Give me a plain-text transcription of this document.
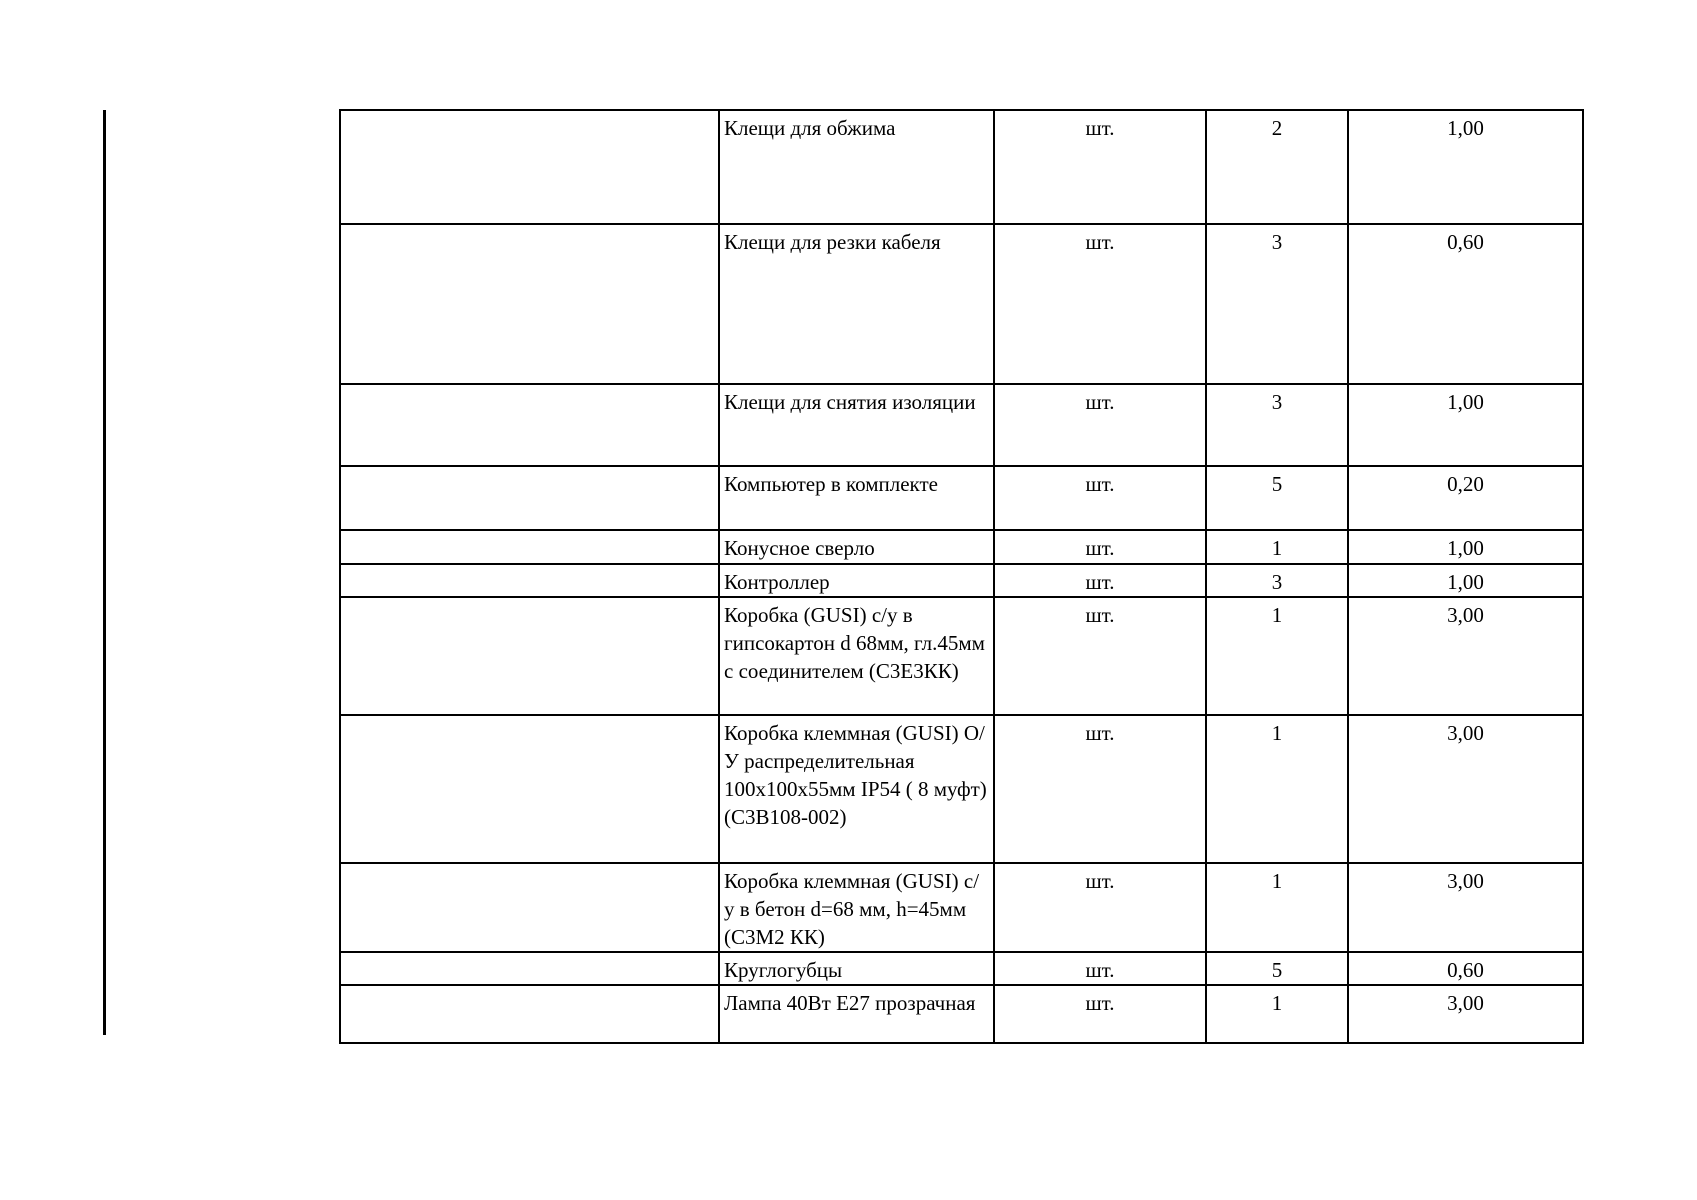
	Клещи для обжима	шт.	2	1,00
	Клещи для резки кабеля	шт.	3	0,60
	Клещи для снятия изоляции	шт.	3	1,00
	Компьютер в комплекте	шт.	5	0,20
	Конусное сверло	шт.	1	1,00
	Контроллер	шт.	3	1,00
	Коробка (GUSI) с/у в гипсокартон d 68мм, гл.45мм с соединителем (С3Е3КК)	шт.	1	3,00
	Коробка клеммная (GUSI) О/У распределительная 100х100х55мм IP54 ( 8 муфт) (С3В108-002)	шт.	1	3,00
	Коробка клеммная (GUSI) с/у в бетон d=68 мм, h=45мм (С3М2 КК)	шт.	1	3,00
	Круглогубцы	шт.	5	0,60
	Лампа 40Вт Е27 прозрачная	шт.	1	3,00
